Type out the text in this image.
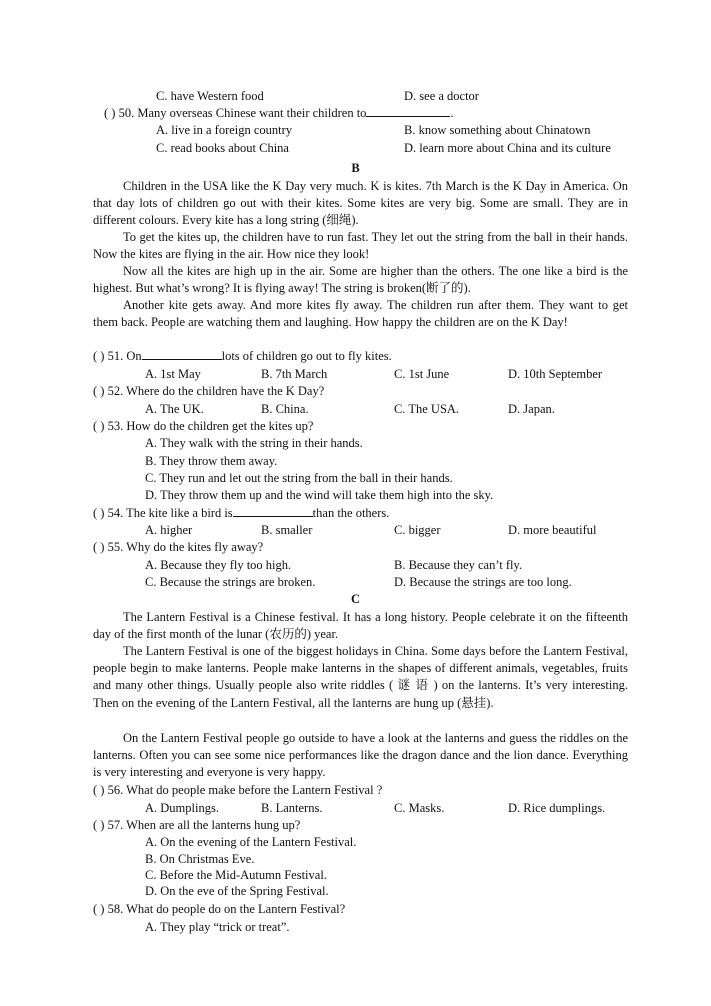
C. have Western food	D. see a doctor
( ) 50. Many overseas Chinese want their children to	.
A. live in a foreign country	B. know something about Chinatown
C. read books about China	D. learn more about China and its culture
B
Children in the USA like the K Day very much. K is kites. 7th March is the K Day in America. On that day lots of children go out with their kites. Some kites are very big. Some are small. They are in different colours. Every kite has a long string (细绳).
To get the kites up, the children have to run fast. They let out the string from the ball in their hands. Now the kites are flying in the air. How nice they look!
Now all the kites are high up in the air. Some are higher than the others. The one like a bird is the highest. But what’s wrong? It is flying away! The string is broken(断了的).
Another kite gets away. And more kites fly away. The children run after them. They want to get them back. People are watching them and laughing. How happy the children are on the K Day!
( ) 51. On	lots of children go out to fly kites.
A. 1st May	B. 7th March	C. 1st June	D. 10th September
( ) 52. Where do the children have the K Day?
A. The UK.	B. China.	C. The USA.	D. Japan.
( ) 53. How do the children get the kites up?
A. They walk with the string in their hands.
B. They throw them away.
C. They run and let out the string from the ball in their hands.
D. They throw them up and the wind will take them high into the sky.
( ) 54. The kite like a bird is	than the others.
A. higher	B. smaller	C. bigger	D. more beautiful
( ) 55. Why do the kites fly away?
A. Because they fly too high.	B. Because they can’t fly.
C. Because the strings are broken.	D. Because the strings are too long.
C
The Lantern Festival is a Chinese festival. It has a long history. People celebrate it on the fifteenth day of the first month of the lunar (农历的) year.
The Lantern Festival is one of the biggest holidays in China. Some days before the Lantern Festival, people begin to make lanterns. People make lanterns in the shapes of different animals, vegetables, fruits and many other things. Usually people also write riddles ( 谜 语 ) on the lanterns. It’s very interesting. Then on the evening of the Lantern Festival, all the lanterns are hung up (悬挂).
On the Lantern Festival people go outside to have a look at the lanterns and guess the riddles on the lanterns. Often you can see some nice performances like the dragon dance and the lion dance. Everything is very interesting and everyone is very happy.
( ) 56. What do people make before the Lantern Festival ?
A. Dumplings.	B. Lanterns.	C. Masks.	D. Rice dumplings.
( ) 57. When are all the lanterns hung up?
A. On the evening of the Lantern Festival.
B. On Christmas Eve.
C. Before the Mid-Autumn Festival.
D. On the eve of the Spring Festival.
( ) 58. What do people do on the Lantern Festival?
A. They play “trick or treat”.
